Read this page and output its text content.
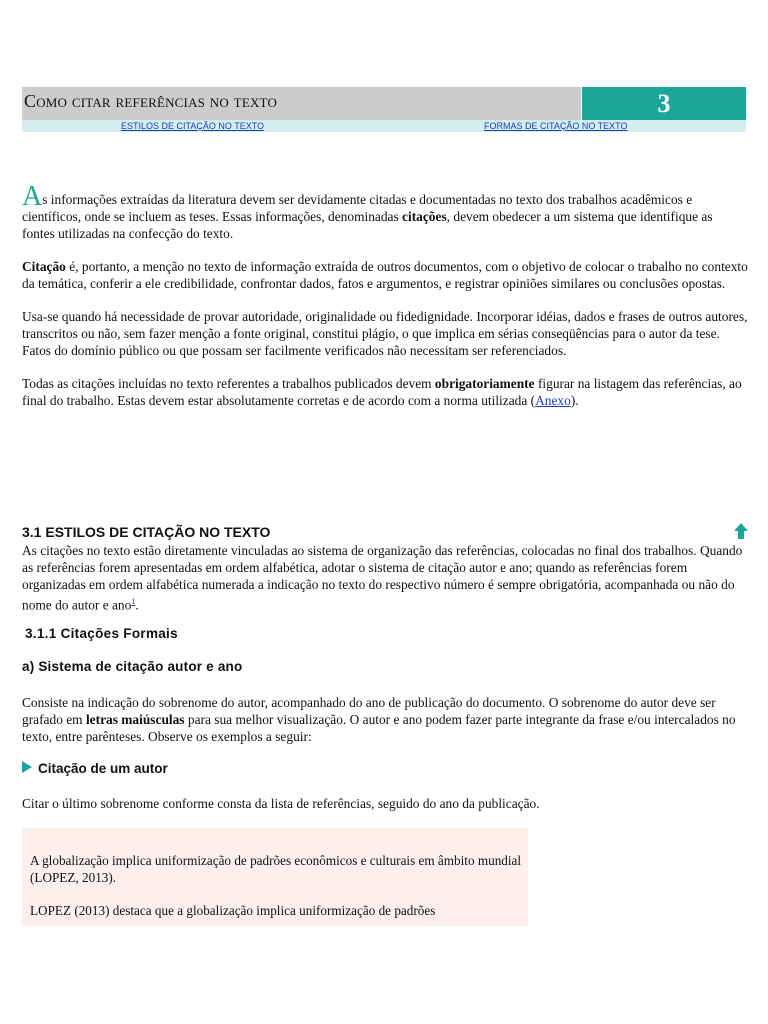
Como citar referências no texto	3
ESTILOS DE CITAÇÃO NO TEXTO	FORMAS DE CITAÇÃO NO TEXTO

As informações extraídas da literatura devem ser devidamente citadas e documentadas no texto dos trabalhos acadêmicos e científicos, onde se incluem as teses. Essas informações, denominadas citações, devem obedecer a um sistema que identifique as fontes utilizadas na confecção do texto.

Citação é, portanto, a menção no texto de informação extraída de outros documentos, com o objetivo de colocar o trabalho no contexto da temática, conferir a ele credibilidade, confrontar dados, fatos e argumentos, e registrar opiniões similares ou conclusões opostas.

Usa-se quando há necessidade de provar autoridade, originalidade ou fidedignidade. Incorporar idéias, dados e frases de outros autores, transcritos ou não, sem fazer menção a fonte original, constitui plágio, o que implica em sérias conseqüências para o autor da tese. Fatos do domínio público ou que possam ser facilmente verificados não necessitam ser referenciados.

Todas as citações incluídas no texto referentes a trabalhos publicados devem obrigatoriamente figurar na listagem das referências, ao final do trabalho. Estas devem estar absolutamente corretas e de acordo com a norma utilizada (Anexo).

3.1 ESTILOS DE CITAÇÃO NO TEXTO

As citações no texto estão diretamente vinculadas ao sistema de organização das referências, colocadas no final dos trabalhos. Quando as referências forem apresentadas em ordem alfabética, adotar o sistema de citação autor e ano; quando as referências forem organizadas em ordem alfabética numerada a indicação no texto do respectivo número é sempre obrigatória, acompanhada ou não do nome do autor e ano$^1$.

3.1.1 Citações Formais
a) Sistema de citação autor e ano

Consiste na indicação do sobrenome do autor, acompanhado do ano de publicação do documento. O sobrenome do autor deve ser grafado em letras maiúsculas para sua melhor visualização. O autor e ano podem fazer parte integrante da frase e/ou intercalados no texto, entre parênteses. Observe os exemplos a seguir:

Citação de um autor

Citar o último sobrenome conforme consta da lista de referências, seguido do ano da publicação.

A globalização implica uniformização de padrões econômicos e culturais em âmbito mundial (LOPEZ, 2013).

LOPEZ (2013) destaca que a globalização implica uniformização de padrões
